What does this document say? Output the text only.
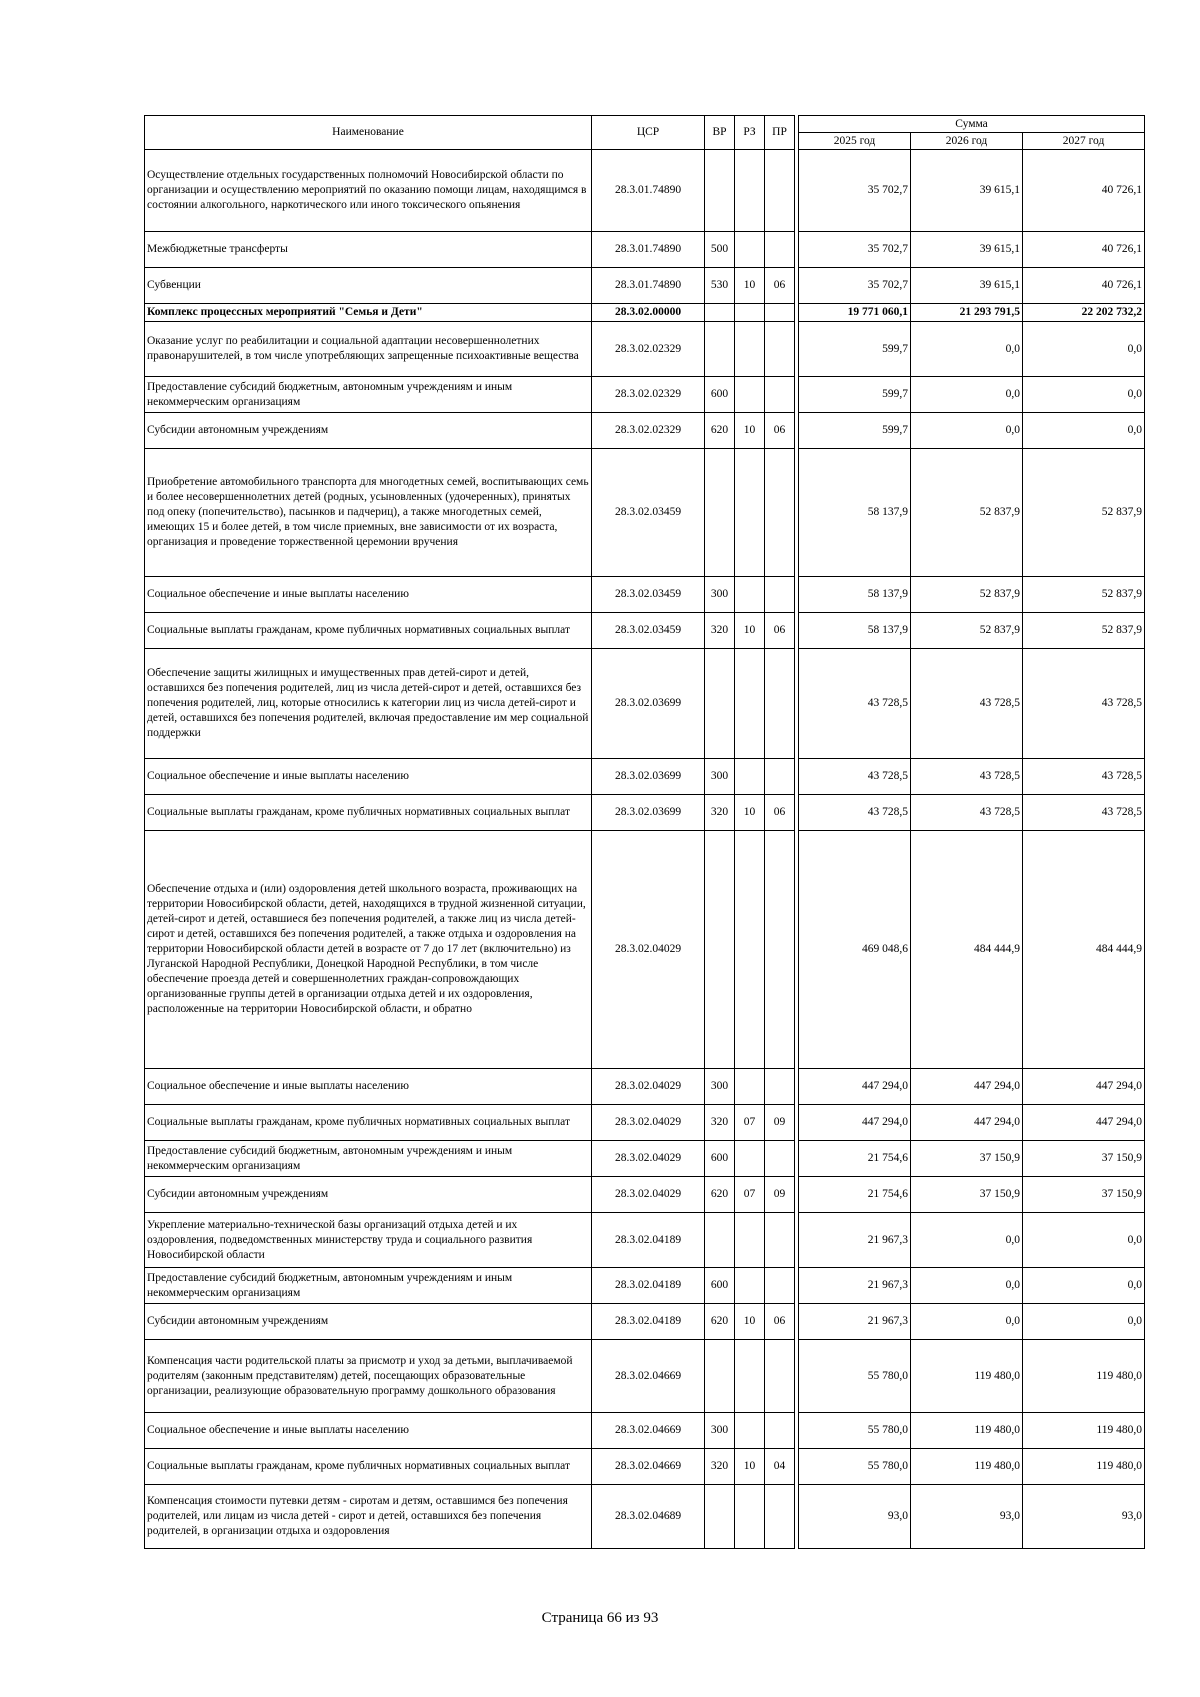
Наименование	ЦСР	ВР	РЗ	ПР		Сумма		
						2025 год	2026 год	2027 год
Осуществление отдельных государственных полномочий Новосибирской области по организации и осуществлению мероприятий по оказанию помощи лицам, находящимся в состоянии алкогольного, наркотического или иного токсического опьянения	28.3.01.74890					35 702,7	39 615,1	40 726,1
Межбюджетные трансферты	28.3.01.74890	500				35 702,7	39 615,1	40 726,1
Субвенции	28.3.01.74890	530	10	06		35 702,7	39 615,1	40 726,1
Комплекс процессных мероприятий "Семья и Дети"	28.3.02.00000					19 771 060,1	21 293 791,5	22 202 732,2
Оказание услуг по реабилитации и социальной адаптации несовершеннолетних правонарушителей, в том числе употребляющих запрещенные психоактивные вещества	28.3.02.02329					599,7	0,0	0,0
Предоставление субсидий бюджетным, автономным учреждениям и иным некоммерческим организациям	28.3.02.02329	600				599,7	0,0	0,0
Субсидии автономным учреждениям	28.3.02.02329	620	10	06		599,7	0,0	0,0
Приобретение автомобильного транспорта для многодетных семей, воспитывающих семь и более несовершеннолетних детей (родных, усыновленных (удочеренных), принятых под опеку (попечительство), пасынков и падчериц), а также многодетных семей, имеющих 15 и более детей, в том числе приемных, вне зависимости от их возраста, организация и проведение торжественной церемонии вручения	28.3.02.03459					58 137,9	52 837,9	52 837,9
Социальное обеспечение и иные выплаты населению	28.3.02.03459	300				58 137,9	52 837,9	52 837,9
Социальные выплаты гражданам, кроме публичных нормативных социальных выплат	28.3.02.03459	320	10	06		58 137,9	52 837,9	52 837,9
Обеспечение защиты жилищных и имущественных прав детей-сирот и детей, оставшихся без попечения родителей, лиц из числа детей-сирот и детей, оставшихся без попечения родителей, лиц, которые относились к категории лиц из числа детей-сирот и детей, оставшихся без попечения родителей, включая предоставление им мер социальной поддержки	28.3.02.03699					43 728,5	43 728,5	43 728,5
Социальное обеспечение и иные выплаты населению	28.3.02.03699	300				43 728,5	43 728,5	43 728,5
Социальные выплаты гражданам, кроме публичных нормативных социальных выплат	28.3.02.03699	320	10	06		43 728,5	43 728,5	43 728,5
Обеспечение отдыха и (или) оздоровления детей школьного возраста, проживающих на территории Новосибирской области, детей, находящихся в трудной жизненной ситуации, детей-сирот и детей, оставшиеся без попечения родителей, а также лиц из числа детей-сирот и детей, оставшихся без попечения родителей, а также отдыха и оздоровления на территории Новосибирской области детей в возрасте от 7 до 17 лет (включительно) из Луганской Народной Республики, Донецкой Народной Республики, в том числе обеспечение проезда детей и совершеннолетних граждан-сопровождающих организованные группы детей в организации отдыха детей и их оздоровления, расположенные на территории Новосибирской области, и обратно	28.3.02.04029					469 048,6	484 444,9	484 444,9
Социальное обеспечение и иные выплаты населению	28.3.02.04029	300				447 294,0	447 294,0	447 294,0
Социальные выплаты гражданам, кроме публичных нормативных социальных выплат	28.3.02.04029	320	07	09		447 294,0	447 294,0	447 294,0
Предоставление субсидий бюджетным, автономным учреждениям и иным некоммерческим организациям	28.3.02.04029	600				21 754,6	37 150,9	37 150,9
Субсидии автономным учреждениям	28.3.02.04029	620	07	09		21 754,6	37 150,9	37 150,9
Укрепление материально-технической базы организаций отдыха детей и их оздоровления, подведомственных министерству труда и социального развития Новосибирской области	28.3.02.04189					21 967,3	0,0	0,0
Предоставление субсидий бюджетным, автономным учреждениям и иным некоммерческим организациям	28.3.02.04189	600				21 967,3	0,0	0,0
Субсидии автономным учреждениям	28.3.02.04189	620	10	06		21 967,3	0,0	0,0
Компенсация части родительской платы за присмотр и уход за детьми, выплачиваемой родителям (законным представителям) детей, посещающих образовательные организации, реализующие образовательную программу дошкольного образования	28.3.02.04669					55 780,0	119 480,0	119 480,0
Социальное обеспечение и иные выплаты населению	28.3.02.04669	300				55 780,0	119 480,0	119 480,0
Социальные выплаты гражданам, кроме публичных нормативных социальных выплат	28.3.02.04669	320	10	04		55 780,0	119 480,0	119 480,0
Компенсация стоимости путевки детям - сиротам и детям, оставшимся без попечения родителей, или лицам из числа детей - сирот и детей, оставшихся без попечения родителей, в организации отдыха и оздоровления	28.3.02.04689					93,0	93,0	93,0
Страница 66 из 93
